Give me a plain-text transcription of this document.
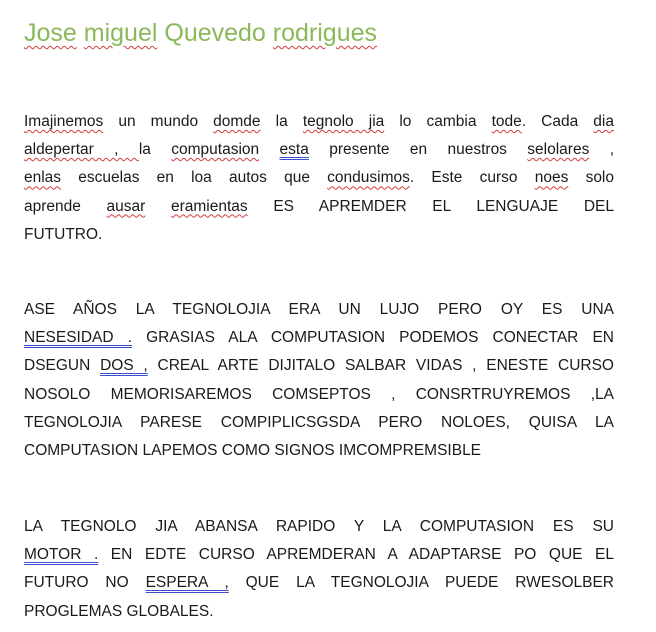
Jose miguel Quevedo rodrigues
Imajinemos un mundo domde la tegnolo jia lo cambia tode. Cada dia
aldepertar , la computasion esta presente en nuestros selolares ,
enlas escuelas en loa autos que condusimos. Este curso noes solo
aprende ausar eramientas ES APREMDER EL LENGUAJE DEL
FUTUTRO.
ASE AÑOS LA TEGNOLOJIA ERA UN LUJO PERO OY ES UNA
NESESIDAD . GRASIAS ALA COMPUTASION PODEMOS CONECTAR EN
DSEGUN DOS , CREAL ARTE DIJITALO SALBAR VIDAS , ENESTE CURSO
NOSOLO MEMORISAREMOS COMSEPTOS , CONSRTRUYREMOS ,LA
TEGNOLOJIA PARESE COMPIPLICSGSDA PERO NOLOES, QUISA LA
COMPUTASION LAPEMOS COMO SIGNOS IMCOMPREMSIBLE
LA TEGNOLO JIA ABANSA RAPIDO Y LA COMPUTASION ES SU
MOTOR . EN EDTE CURSO APREMDERAN A ADAPTARSE PO QUE EL
FUTURO NO ESPERA , QUE LA TEGNOLOJIA PUEDE RWESOLBER
PROGLEMAS GLOBALES.
